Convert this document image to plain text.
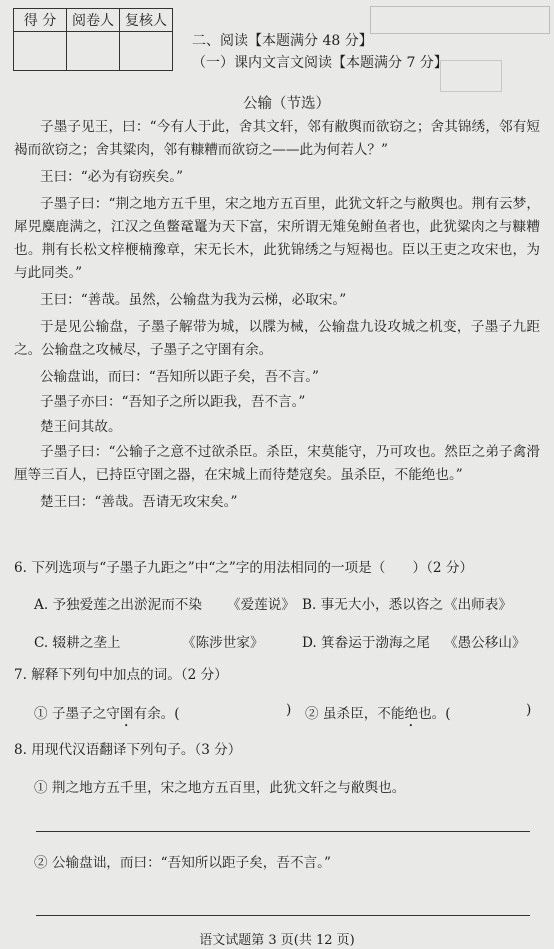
得 分	阅卷人	复核人

二、阅读【本题满分 48 分】
（一）课内文言文阅读【本题满分 7 分】
公输（节选）
子墨子见王，曰：“今有人于此，舍其文轩，邻有敝舆而欲窃之；舍其锦绣，邻有短褐而欲窃之；舍其粱肉，邻有糠糟而欲窃之——此为何若人？”
王曰：“必为有窃疾矣。”
子墨子曰：“荆之地方五千里，宋之地方五百里，此犹文轩之与敝舆也。荆有云梦，犀兕麋鹿满之，江汉之鱼鳖鼋鼍为天下富，宋所谓无雉兔鲋鱼者也，此犹粱肉之与糠糟也。荆有长松文梓楩楠豫章，宋无长木，此犹锦绣之与短褐也。臣以王吏之攻宋也，为与此同类。”
王曰：“善哉。虽然，公输盘为我为云梯，必取宋。”
于是见公输盘，子墨子解带为城，以牒为械，公输盘九设攻城之机变，子墨子九距之。公输盘之攻械尽，子墨子之守圉有余。
公输盘诎，而曰：“吾知所以距子矣，吾不言。”
子墨子亦曰：“吾知子之所以距我，吾不言。”
楚王问其故。
子墨子曰：“公输子之意不过欲杀臣。杀臣，宋莫能守，乃可攻也。然臣之弟子禽滑厘等三百人，已持臣守圉之器，在宋城上而待楚寇矣。虽杀臣，不能绝也。”
楚王曰：“善哉。吾请无攻宋矣。”
6. 下列选项与“子墨子九距之”中“之”字的用法相同的一项是（　　）（2 分）
A. 予独爱莲之出淤泥而不染	《爱莲说》 B. 事无大小，悉以咨之 《出师表》
C. 辍耕之垄上	《陈涉世家》	D. 箕畚运于渤海之尾 《愚公移山》
7. 解释下列句中加点的词。（2 分）
① 子墨子之守圉有余。(	) ② 虽杀臣，不能绝也。(	)
8. 用现代汉语翻译下列句子。（3 分）
① 荆之地方五千里，宋之地方五百里，此犹文轩之与敝舆也。
② 公输盘诎，而曰：“吾知所以距子矣，吾不言。”
语文试题第 3 页(共 12 页)
